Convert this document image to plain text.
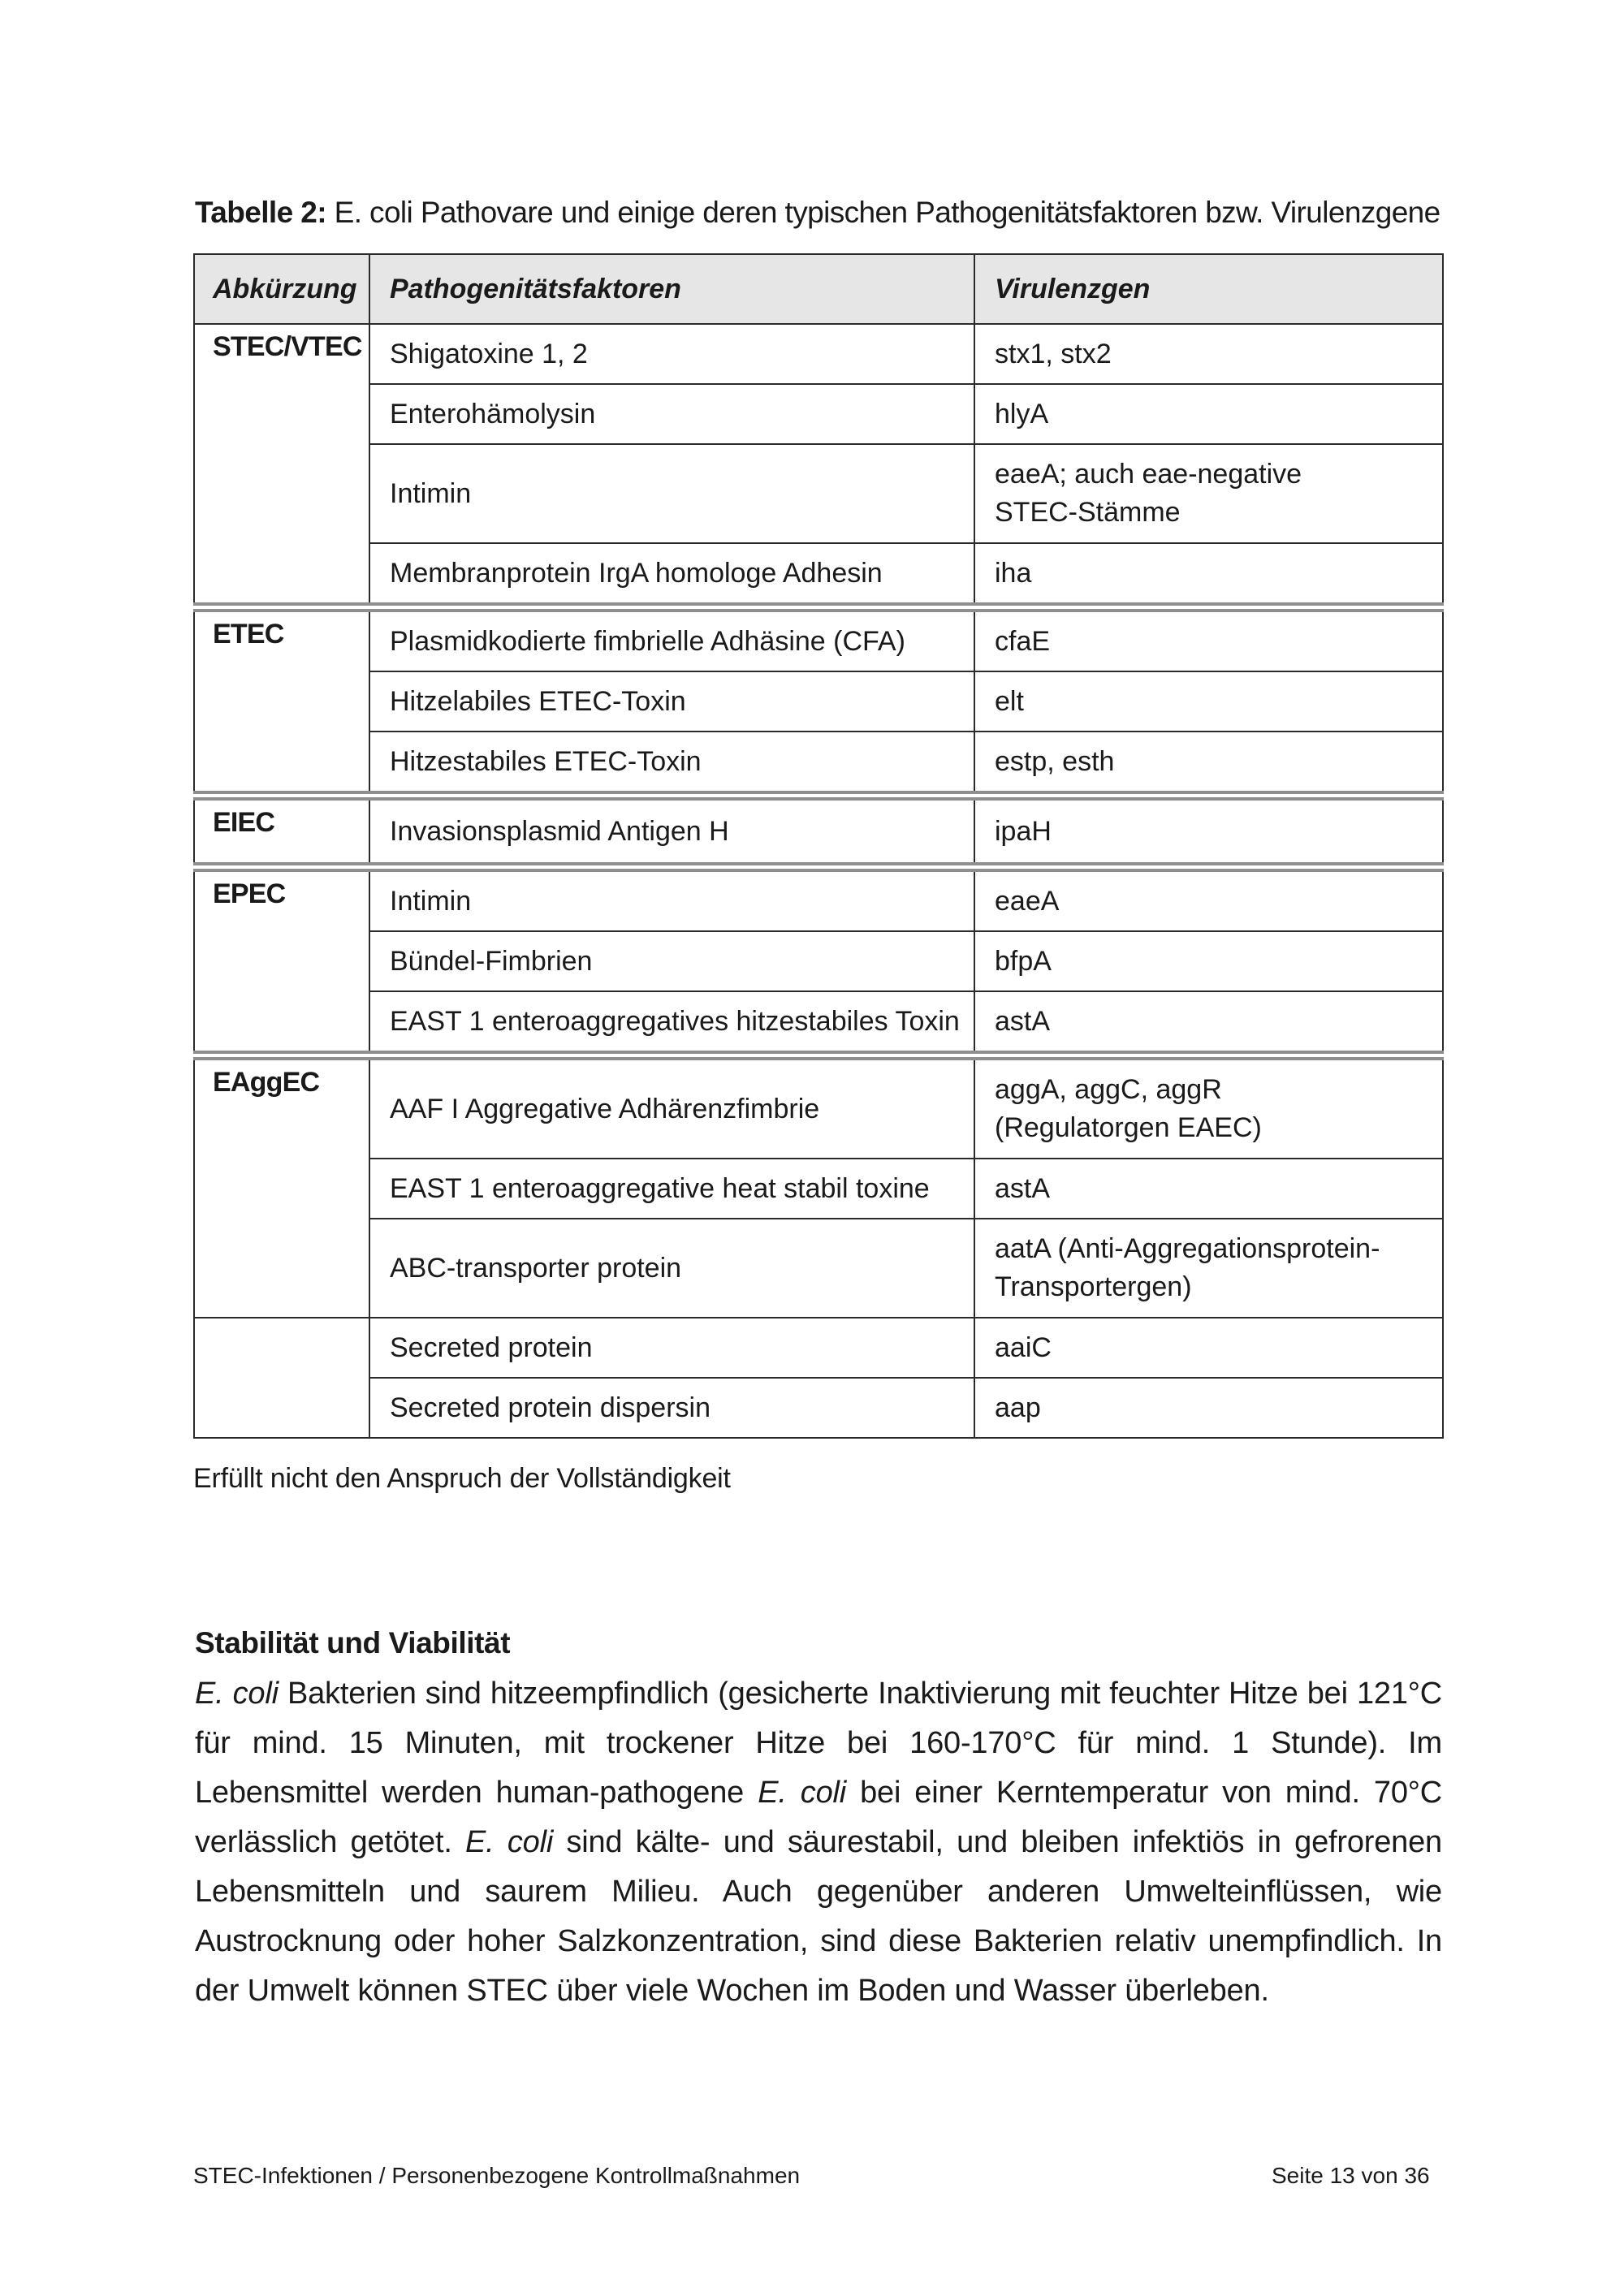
Tabelle 2: E. coli Pathovare und einige deren typischen Pathogenitätsfaktoren bzw. Virulenzgene
Abkürzung	Pathogenitätsfaktoren	Virulenzgen
STEC/VTEC	Shigatoxine 1, 2	stx1, stx2
	Enterohämolysin	hlyA
	Intimin	eaeA; auch eae-negative
STEC-Stämme
	Membranprotein IrgA homologe Adhesin	iha
ETEC	Plasmidkodierte fimbrielle Adhäsine (CFA)	cfaE
	Hitzelabiles ETEC-Toxin	elt
	Hitzestabiles ETEC-Toxin	estp, esth
EIEC	Invasionsplasmid Antigen H	ipaH
EPEC	Intimin	eaeA
	Bündel-Fimbrien	bfpA
	EAST 1 enteroaggregatives hitzestabiles Toxin	astA
EAggEC	AAF I Aggregative Adhärenzfimbrie	aggA, aggC, aggR
(Regulatorgen EAEC)
	EAST 1 enteroaggregative heat stabil toxine	astA
	ABC-transporter protein	aatA (Anti-Aggregationsprotein-
Transportergen)
	Secreted protein	aaiC
	Secreted protein dispersin	aap
Erfüllt nicht den Anspruch der Vollständigkeit
Stabilität und Viabilität
E. coli Bakterien sind hitzeempfindlich (gesicherte Inaktivierung mit feuchter Hitze bei 121°C für mind. 15 Minuten, mit trockener Hitze bei 160-170°C für mind. 1 Stunde). Im Lebensmittel werden human-pathogene E. coli bei einer Kerntemperatur von mind. 70°C verlässlich getötet. E. coli sind kälte- und säurestabil, und bleiben infektiös in gefrorenen Lebensmitteln und saurem Milieu. Auch gegenüber anderen Umwelteinflüssen, wie Austrocknung oder hoher Salzkonzentration, sind diese Bakterien relativ unempfindlich. In der Umwelt können STEC über viele Wochen im Boden und Wasser überleben.
STEC-Infektionen / Personenbezogene Kontrollmaßnahmen	Seite 13 von 36
